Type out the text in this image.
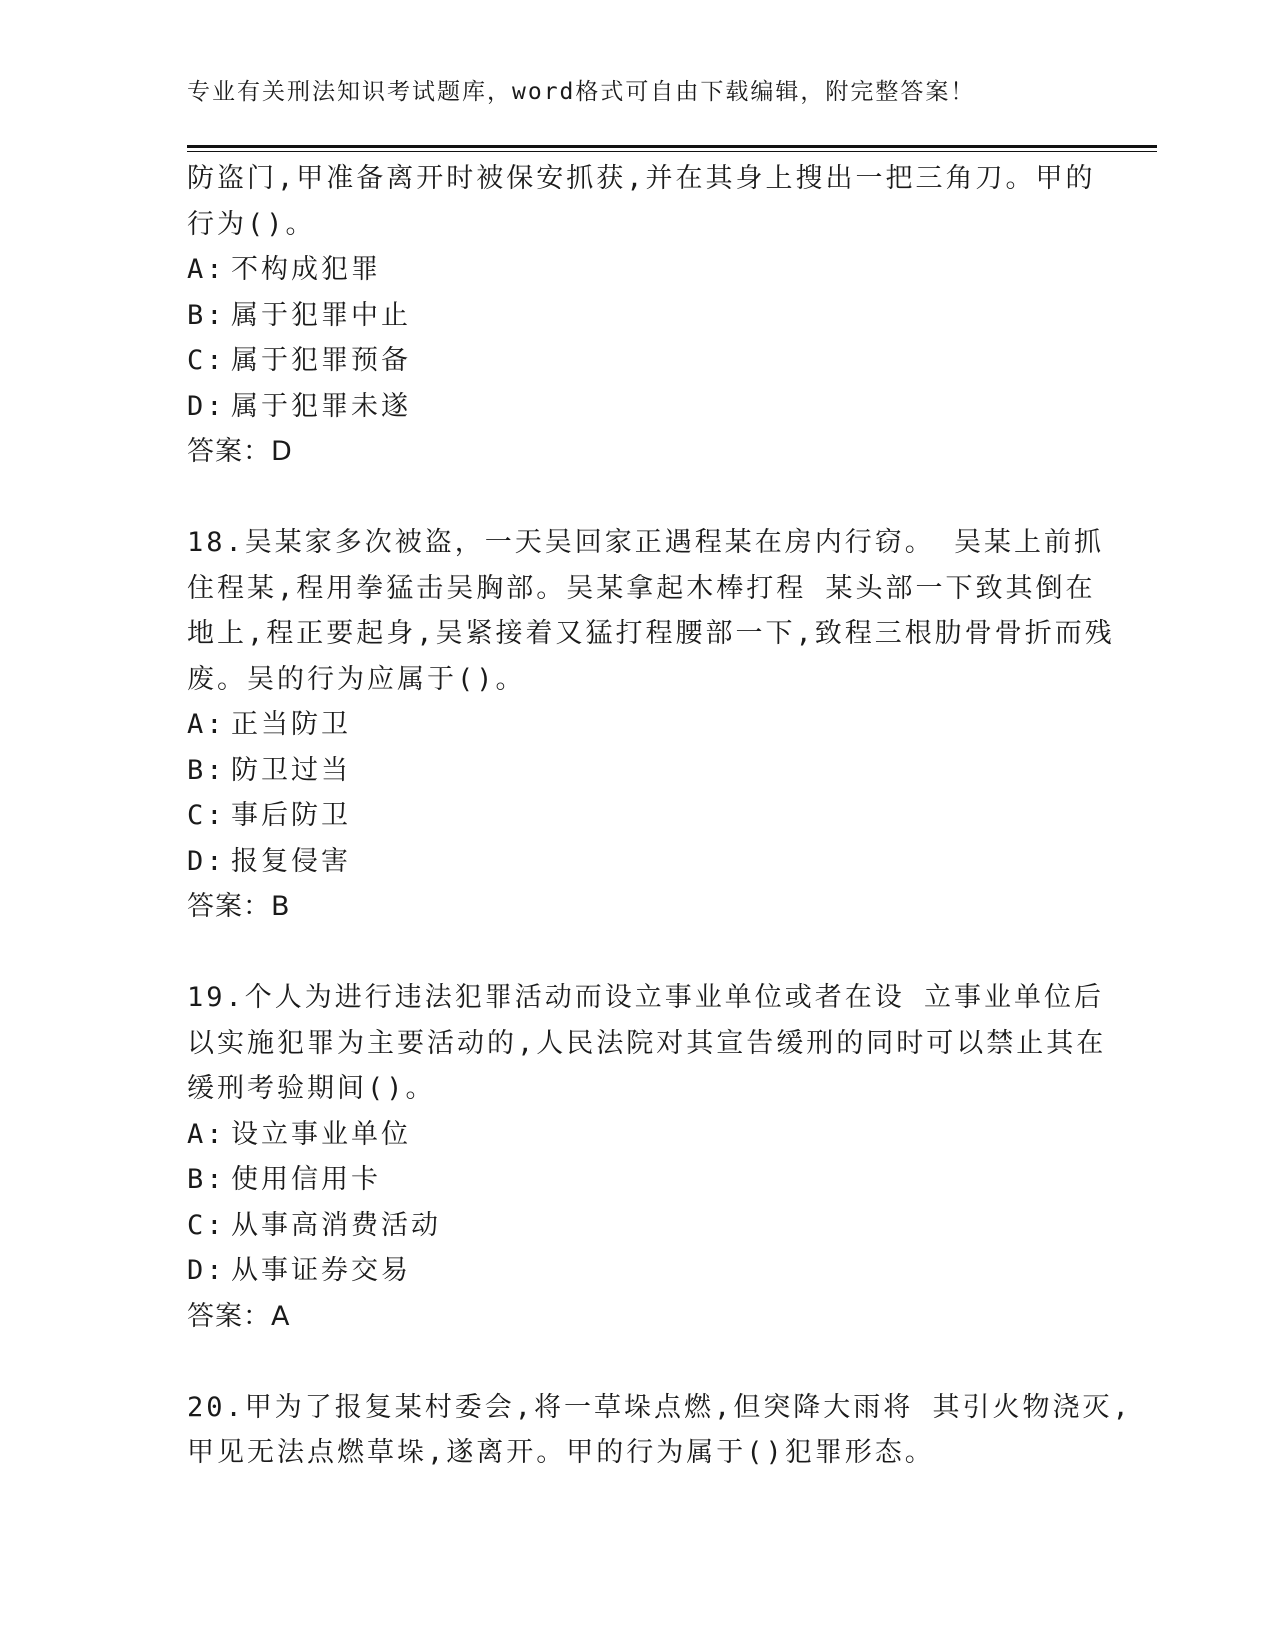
专业有关刑法知识考试题库，word格式可自由下载编辑，附完整答案！
防盗门,甲准备离开时被保安抓获,并在其身上搜出一把三角刀。甲的
行为()。
A: 不构成犯罪
B: 属于犯罪中止
C: 属于犯罪预备
D: 属于犯罪未遂
答案：D
18.吴某家多次被盗，一天吴回家正遇程某在房内行窃。 吴某上前抓
住程某,程用拳猛击吴胸部。吴某拿起木棒打程 某头部一下致其倒在
地上,程正要起身,吴紧接着又猛打程腰部一下,致程三根肋骨骨折而残
废。吴的行为应属于()。
A: 正当防卫
B: 防卫过当
C: 事后防卫
D: 报复侵害
答案：B
19.个人为进行违法犯罪活动而设立事业单位或者在设 立事业单位后
以实施犯罪为主要活动的,人民法院对其宣告缓刑的同时可以禁止其在
缓刑考验期间()。
A: 设立事业单位
B: 使用信用卡
C: 从事高消费活动
D: 从事证券交易
答案：A
20.甲为了报复某村委会,将一草垛点燃,但突降大雨将 其引火物浇灭,
甲见无法点燃草垛,遂离开。甲的行为属于()犯罪形态。
